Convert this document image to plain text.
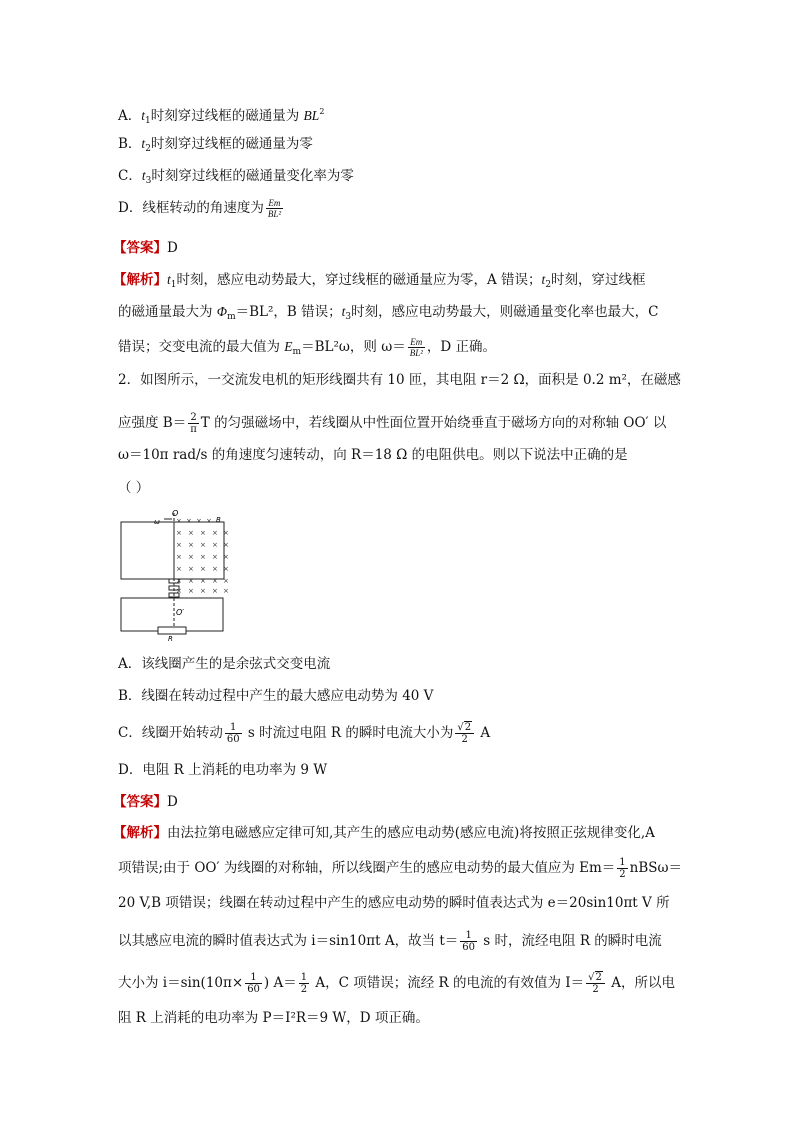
A．$t_1$时刻穿过线框的磁通量为 $BL^2$
B．$t_2$时刻穿过线框的磁通量为零
C．$t_3$时刻穿过线框的磁通量变化率为零
D．线框转动的角速度为 $\frac{Em}{\text{BL²}}$
【答案】D
【解析】$t_1$时刻，感应电动势最大，穿过线框的磁通量应为零，A 错误；$t_2$时刻，穿过线框
的磁通量最大为 $\Phi_m=BL^2$，B 错误；$t_3$时刻，感应电动势最大，则磁通量变化率也最大，C
错误；交变电流的最大值为 $E_m=BL^2\omega$，则 $\omega= \frac{Em}{\text{BL²}}$ ，D 正确。
2．如图所示，一交流发电机的矩形线圈共有 10 匝，其电阻 r＝2 Ω，面积是 0.2 m²，在磁感
应强度 $B= \frac{2}{\pi}$ T 的匀强磁场中，若线圈从中性面位置开始绕垂直于磁场方向的对称轴 OO′ 以
ω＝10π rad/s 的角速度匀速转动，向 R＝18 Ω 的电阻供电。则以下说法中正确的是
（ ）
O
ω	B
O′
R
× × × ×
× × × × ×
× × × × ×
× × × × ×
× × × × ×
× × × × ×
× × × × ×
A．该线圈产生的是余弦式交变电流
B．线圈在转动过程中产生的最大感应电动势为 40 V
C．线圈开始转动 $\frac{1}{60}$ s 时流过电阻 R 的瞬时电流大小为 $\frac{√2}{2}$ A
D．电阻 R 上消耗的电功率为 9 W
【答案】D
【解析】由法拉第电磁感应定律可知,其产生的感应电动势(感应电流)将按照正弦规律变化,A
项错误;由于 OO′ 为线圈的对称轴，所以线圈产生的感应电动势的最大值应为 $Em= \frac{1}{2} nBS\omega=$
20 V,B 项错误；线圈在转动过程中产生的感应电动势的瞬时值表达式为 e＝20sin10πt V 所
以其感应电流的瞬时值表达式为 i＝sin10πt A，故当 $t= \frac{1}{60}$ s 时，流经电阻 R 的瞬时电流
大小为 $i=\sin(10\pi\times \frac{1}{60}$ ) $A= \frac{1}{2}$ A，C 项错误；流经 R 的电流的有效值为 $I= \frac{√2}{2}$ A，所以电
阻 R 上消耗的电功率为 P＝I²R＝9 W，D 项正确。
